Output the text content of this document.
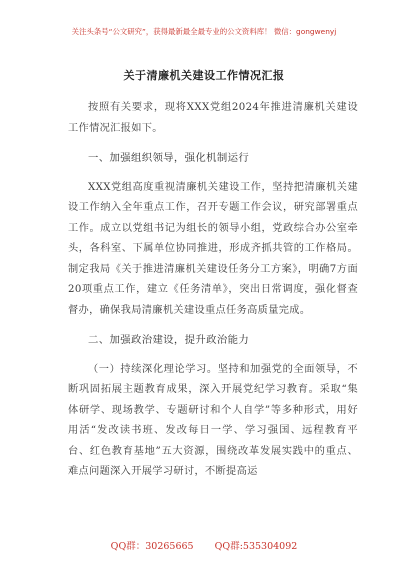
关注头条号“公文研究”，获得最新最全最专业的公文资料库！ 微信：gongwenyj
关于清廉机关建设工作情况汇报

按照有关要求，现将XXX党组2024年推进清廉机关建设工作情况汇报如下。

一、加强组织领导，强化机制运行

XXX党组高度重视清廉机关建设工作，坚持把清廉机关建设工作纳入全年重点工作，召开专题工作会议，研究部署重点工作。成立以党组书记为组长的领导小组，党政综合办公室牵头，各科室、下属单位协同推进，形成齐抓共管的工作格局。制定我局《关于推进清廉机关建设任务分工方案》，明确7方面20项重点工作，建立《任务清单》，突出日常调度，强化督查督办，确保我局清廉机关建设重点任务高质量完成。

二、加强政治建设，提升政治能力

（一）持续深化理论学习。坚持和加强党的全面领导，不断巩固拓展主题教育成果，深入开展党纪学习教育。采取“集体研学、现场教学、专题研讨和个人自学”等多种形式，用好用活“发改读书班、发改每日一学、学习强国、远程教育平台、红色教育基地”五大资源，围绕改革发展实践中的重点、难点问题深入开展学习研讨，不断提高运

QQ群：30265665 QQ群:535304092
